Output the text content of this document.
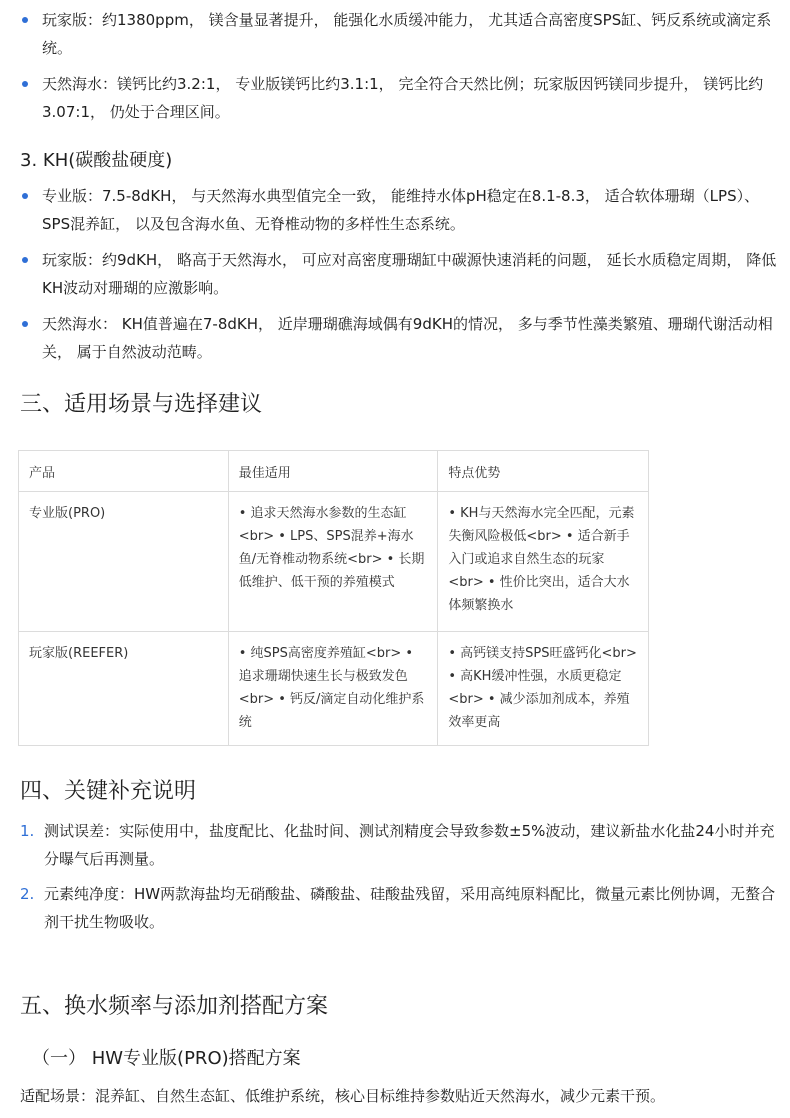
玩家版：约1380ppm， 镁含量显著提升， 能强化水质缓冲能力， 尤其适合高密度SPS缸、钙反系统或滴定系统。
天然海水：镁钙比约3.2:1， 专业版镁钙比约3.1:1， 完全符合天然比例；玩家版因钙镁同步提升， 镁钙比约3.07:1， 仍处于合理区间。
3. KH(碳酸盐硬度)
专业版：7.5-8dKH， 与天然海水典型值完全一致， 能维持水体pH稳定在8.1-8.3， 适合软体珊瑚（LPS）、SPS混养缸， 以及包含海水鱼、无脊椎动物的多样性生态系统。
玩家版：约9dKH， 略高于天然海水， 可应对高密度珊瑚缸中碳源快速消耗的问题， 延长水质稳定周期， 降低KH波动对珊瑚的应激影响。
天然海水： KH值普遍在7-8dKH， 近岸珊瑚礁海域偶有9dKH的情况， 多与季节性藻类繁殖、珊瑚代谢活动相关， 属于自然波动范畴。
三、适用场景与选择建议
产品	最佳适用	特点优势
专业版(PRO)	• 追求天然海水参数的生态缸<br> • LPS、SPS混养+海水鱼/无脊椎动物系统<br> • 长期低维护、低干预的养殖模式	• KH与天然海水完全匹配，元素失衡风险极低<br> • 适合新手入门或追求自然生态的玩家<br> • 性价比突出，适合大水体频繁换水
玩家版(REEFER)	• 纯SPS高密度养殖缸<br> • 追求珊瑚快速生长与极致发色<br> • 钙反/滴定自动化维护系统	• 高钙镁支持SPS旺盛钙化<br> • 高KH缓冲性强，水质更稳定<br> • 减少添加剂成本，养殖效率更高
四、关键补充说明
1. 测试误差：实际使用中，盐度配比、化盐时间、测试剂精度会导致参数±5%波动，建议新盐水化盐24小时并充分曝气后再测量。
2. 元素纯净度：HW两款海盐均无硝酸盐、磷酸盐、硅酸盐残留，采用高纯原料配比，微量元素比例协调，无螯合剂干扰生物吸收。
五、换水频率与添加剂搭配方案
（一） HW专业版(PRO)搭配方案
适配场景：混养缸、自然生态缸、低维护系统，核心目标维持参数贴近天然海水，减少元素干预。
